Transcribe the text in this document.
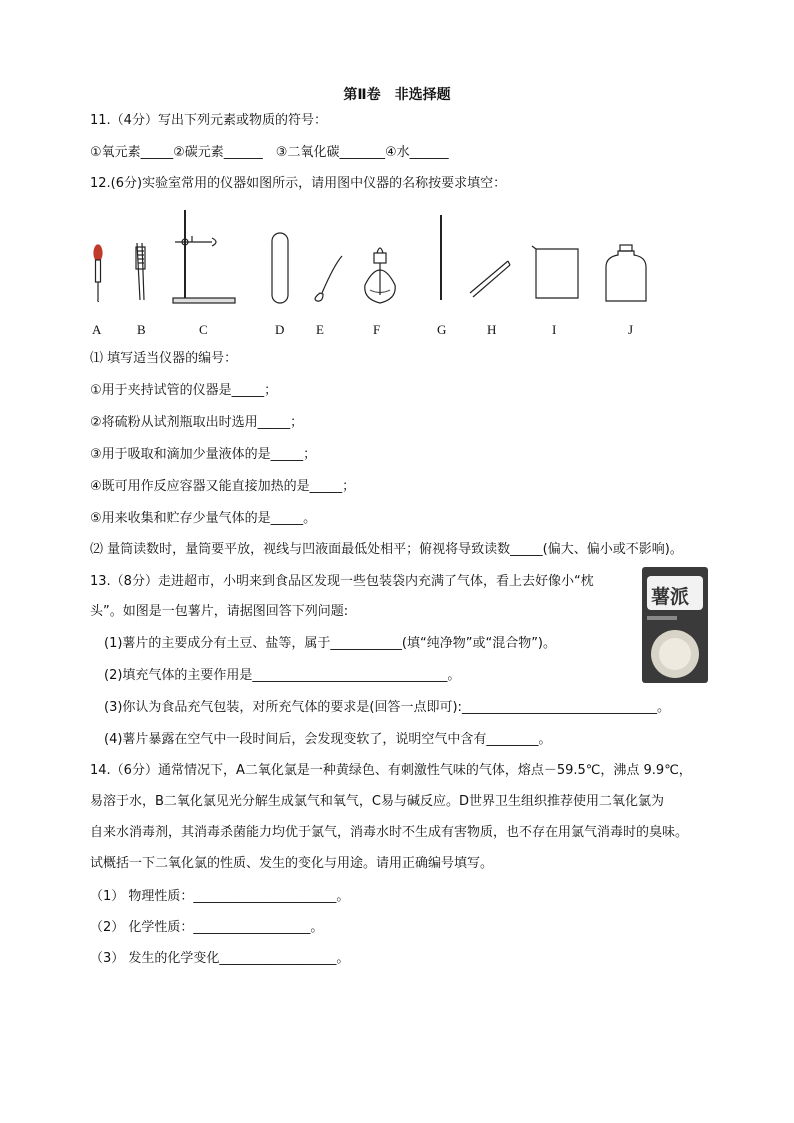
第Ⅱ卷　非选择题
11.（4分）写出下列元素或物质的符号：
①氧元素_____②碳元素______　③二氧化碳_______④水______
12.(6分)实验室常用的仪器如图所示，请用图中仪器的名称按要求填空：
A	B	C	D E	F	G	H	I	J
⑴ 填写适当仪器的编号：
①用于夹持试管的仪器是_____；
②将硫粉从试剂瓶取出时选用_____；
③用于吸取和滴加少量液体的是_____；
④既可用作反应容器又能直接加热的是_____；
⑤用来收集和贮存少量气体的是_____。
⑵ 量筒读数时，量筒要平放，视线与凹液面最低处相平；俯视将导致读数_____(偏大、偏小或不影响)。
13.（8分）走进超市，小明来到食品区发现一些包装袋内充满了气体，看上去好像小“枕
头”。如图是一包薯片，请据图回答下列问题:
薯派
(1)薯片的主要成分有土豆、盐等，属于___________(填“纯净物”或“混合物”)。
(2)填充气体的主要作用是______________________________。
(3)你认为食品充气包装，对所充气体的要求是(回答一点即可):______________________________。
(4)薯片暴露在空气中一段时间后，会发现变软了，说明空气中含有________。
14.（6分）通常情况下，A二氧化氯是一种黄绿色、有刺激性气味的气体，熔点－59.5℃，沸点 9.9℃，
易溶于水，B二氧化氯见光分解生成氯气和氧气，C易与碱反应。D世界卫生组织推荐使用二氧化氯为
自来水消毒剂，其消毒杀菌能力均优于氯气，消毒水时不生成有害物质，也不存在用氯气消毒时的臭味。
试概括一下二氧化氯的性质、发生的变化与用途。请用正确编号填写。
（1） 物理性质：______________________。
（2） 化学性质：__________________。
（3） 发生的化学变化__________________。
